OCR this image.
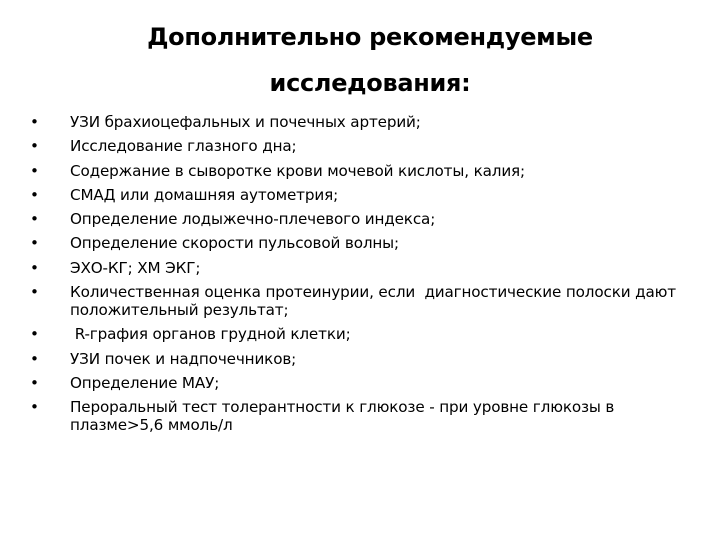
Дополнительно рекомендуемые
исследования:
•	УЗИ брахиоцефальных и почечных артерий;
•	Исследование глазного дна;
•	Содержание в сыворотке крови мочевой кислоты, калия;
•	СМАД или домашняя аутометрия;
•	Определение лодыжечно-плечевого индекса;
•	Определение скорости пульсовой волны;
•	ЭХО-КГ; ХМ ЭКГ;
•	Количественная оценка протеинурии, если  диагностические полоски дают положительный результат;
•	R-графия органов грудной клетки;
•	УЗИ почек и надпочечников;
•	Определение МАУ;
•	Пероральный тест толерантности к глюкозе - при уровне глюкозы в плазме>5,6 ммоль/л
